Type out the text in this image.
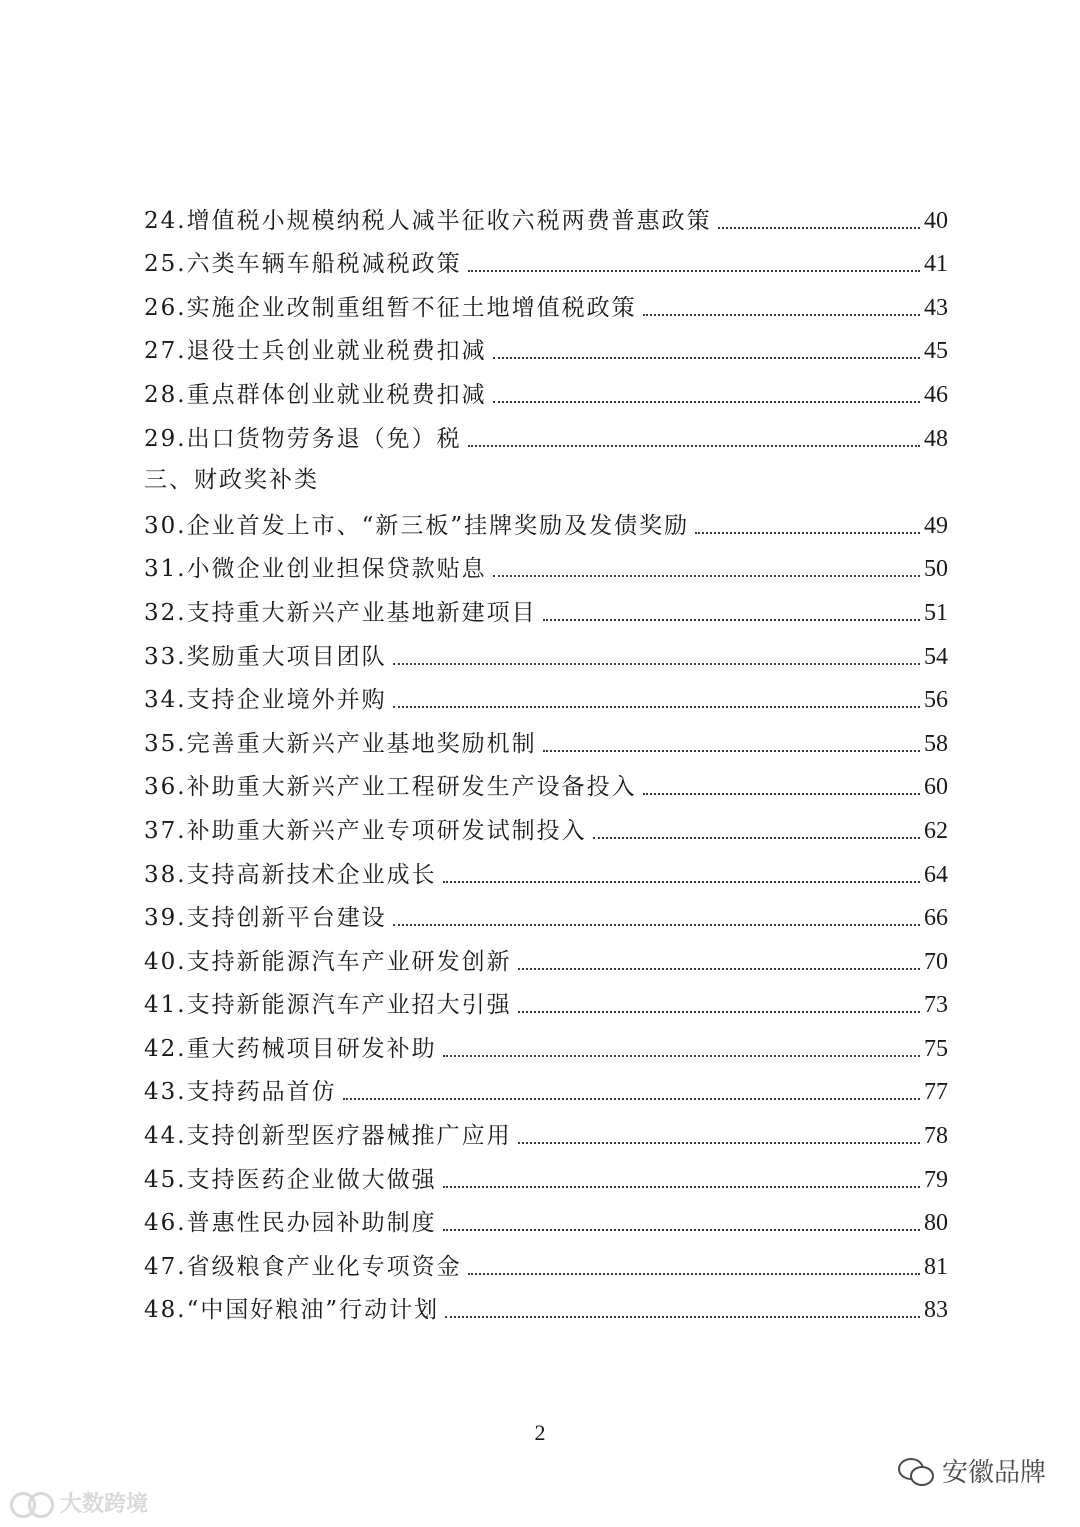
24.增值税小规模纳税人减半征收六税两费普惠政策	40
25.六类车辆车船税减税政策	41
26.实施企业改制重组暂不征土地增值税政策	43
27.退役士兵创业就业税费扣减	45
28.重点群体创业就业税费扣减	46
29.出口货物劳务退（免）税	48
三、财政奖补类
30.企业首发上市、“新三板”挂牌奖励及发债奖励	49
31.小微企业创业担保贷款贴息	50
32.支持重大新兴产业基地新建项目	51
33.奖励重大项目团队	54
34.支持企业境外并购	56
35.完善重大新兴产业基地奖励机制	58
36.补助重大新兴产业工程研发生产设备投入	60
37.补助重大新兴产业专项研发试制投入	62
38.支持高新技术企业成长	64
39.支持创新平台建设	66
40.支持新能源汽车产业研发创新	70
41.支持新能源汽车产业招大引强	73
42.重大药械项目研发补助	75
43.支持药品首仿	77
44.支持创新型医疗器械推广应用	78
45.支持医药企业做大做强	79
46.普惠性民办园补助制度	80
47.省级粮食产业化专项资金	81
48.“中国好粮油”行动计划	83
2
大数跨境
安徽品牌
